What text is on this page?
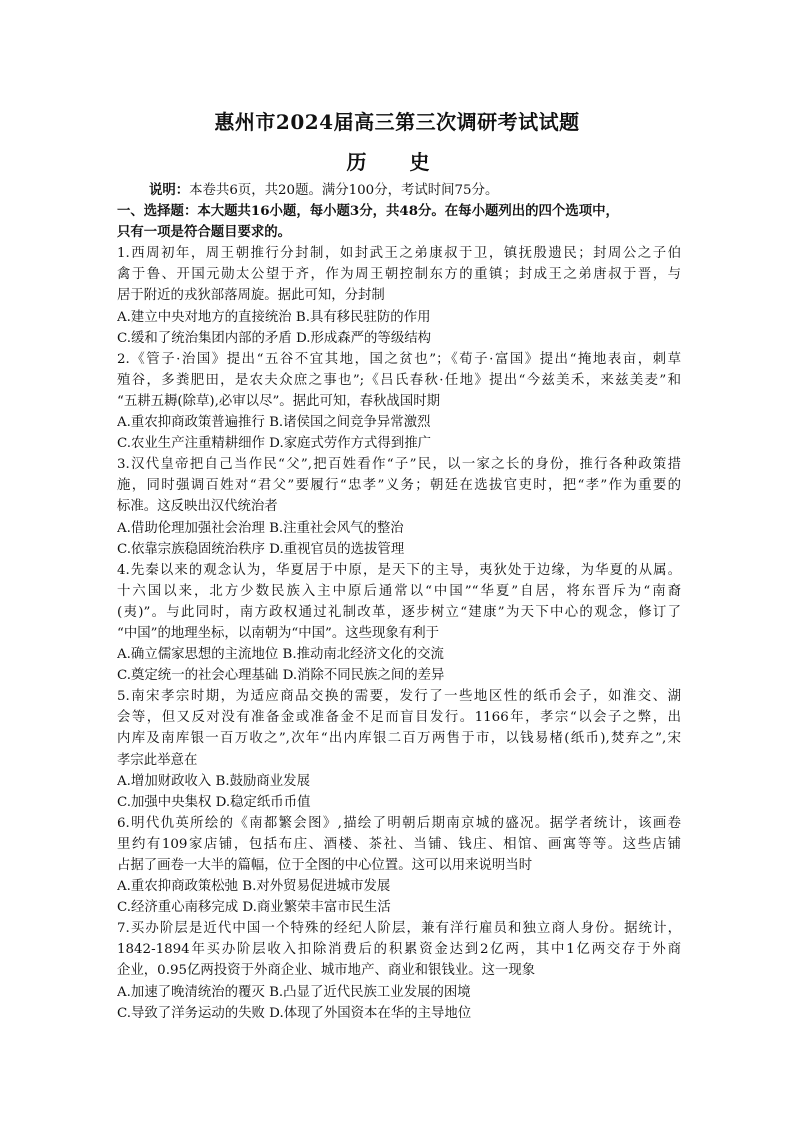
惠州市2024届高三第三次调研考试试题
历 史
说明：本卷共6页，共20题。满分100分，考试时间75分。
一、选择题：本大题共16小题，每小题3分，共48分。在每小题列出的四个选项中，
只有一项是符合题目要求的。
1.西周初年，周王朝推行分封制，如封武王之弟康叔于卫，镇抚殷遗民；封周公之子伯
禽于鲁、开国元勋太公望于齐，作为周王朝控制东方的重镇；封成王之弟唐叔于晋，与
居于附近的戎狄部落周旋。据此可知，分封制
A.建立中央对地方的直接统治 B.具有移民驻防的作用
C.缓和了统治集团内部的矛盾 D.形成森严的等级结构
2.《管子·治国》提出“五谷不宜其地，国之贫也”；《荀子·富国》提出“掩地表亩，刺草
殖谷，多粪肥田，是农夫众庶之事也”;《吕氏春秋·任地》提出“今兹美禾，来兹美麦”和
“五耕五耨(除草),必审以尽”。据此可知，春秋战国时期
A.重农抑商政策普遍推行 B.诸侯国之间竞争异常激烈
C.农业生产注重精耕细作 D.家庭式劳作方式得到推广
3.汉代皇帝把自己当作民“父”,把百姓看作“子”民，以一家之长的身份，推行各种政策措
施，同时强调百姓对“君父”要履行“忠孝”义务；朝廷在选拔官吏时，把“孝”作为重要的
标准。这反映出汉代统治者
A.借助伦理加强社会治理 B.注重社会风气的整治
C.依靠宗族稳固统治秩序 D.重视官员的选拔管理
4.先秦以来的观念认为，华夏居于中原，是天下的主导，夷狄处于边缘，为华夏的从属。
十六国以来，北方少数民族入主中原后通常以“中国”“华夏”自居，将东晋斥为“南裔
(夷)”。与此同时，南方政权通过礼制改革，逐步树立“建康”为天下中心的观念，修订了
“中国”的地理坐标，以南朝为“中国”。这些现象有利于
A.确立儒家思想的主流地位 B.推动南北经济文化的交流
C.奠定统一的社会心理基础 D.消除不同民族之间的差异
5.南宋孝宗时期，为适应商品交换的需要，发行了一些地区性的纸币会子，如淮交、湖
会等，但又反对没有准备金或准备金不足而盲目发行。1166年，孝宗“以会子之弊，出
内库及南库银一百万收之”,次年“出内库银二百万两售于市，以钱易楮(纸币),焚弃之”,宋
孝宗此举意在
A.增加财政收入 B.鼓励商业发展
C.加强中央集权 D.稳定纸币币值
6.明代仇英所绘的《南都繁会图》,描绘了明朝后期南京城的盛况。据学者统计，该画卷
里约有109家店铺，包括布庄、酒楼、茶社、当铺、钱庄、相馆、画寓等等。这些店铺
占据了画卷一大半的篇幅，位于全图的中心位置。这可以用来说明当时
A.重农抑商政策松弛 B.对外贸易促进城市发展
C.经济重心南移完成 D.商业繁荣丰富市民生活
7.买办阶层是近代中国一个特殊的经纪人阶层，兼有洋行雇员和独立商人身份。据统计，
1842-1894年买办阶层收入扣除消费后的积累资金达到2亿两，其中1亿两交存于外商
企业，0.95亿两投资于外商企业、城市地产、商业和银钱业。这一现象
A.加速了晚清统治的覆灭 B.凸显了近代民族工业发展的困境
C.导致了洋务运动的失败 D.体现了外国资本在华的主导地位
